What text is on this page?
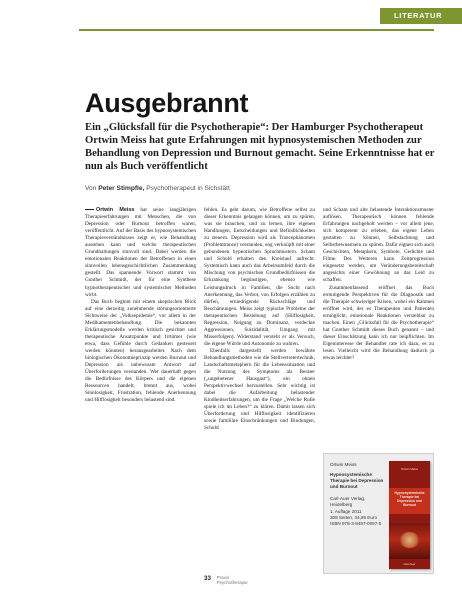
LITERATUR
Ausgebrannt

Ein „Glücksfall für die Psychotherapie“: Der Hamburger Psychotherapeut Ortwin Meiss hat gute Erfahrungen mit hypnosystemischen Methoden zur Behandlung von Depression und Burnout gemacht. Seine Erkenntnisse hat er nun als Buch veröffentlicht

Von Peter Stimpfle, Psychotherapeut in Sichstätt

Ortwin Meiss hat seine langjährigen Therapieerfahrungen mit Menschen, die von Depression oder Burnout betroffen waren, veröffentlicht. Auf der Basis des hypnosystemischen Therapieverständnisses zeigt er, wie Behandlung aussehen kann und welche therapeutischen Grundhaltungen sinnvoll sind. Dabei werden die emotionalen Reaktionen der Betroffenen in einen sinnvollen lebensgeschichtlichen Zusammenhang gestellt. Das spannende Vorwort stammt von Gunther Schmidt, der für eine Synthese hypnotherapeutischer und systemischer Methoden wirbt.

Das Buch beginnt mit einem skeptischen Blick auf eine derzeitig zunehmende störungsorientierte Sichtweise der „Volksepidemie“, vor allem in der Medikamentenbehandlung. Die bekannten Erklärungsmodelle werden kritisch gesichtet und therapeutische Ansatzpunkte und Irrtümer (wie etwa, dass Gefühle durch Gedanken gesteuert werden könnten) herausgearbeitet. Nach dem biologischen Ökonomieprinzip werden Burnout und Depression als unbewusste Antwort auf Überforderungen verstanden. Wer dauerhaft gegen die Bedürfnisse des Körpers und die eigenen Ressourcen handelt, brennt aus, wobei Sinnlosigkeit, Frustration, fehlende Anerkennung und Hilflosigkeit besonders belastend sind.

fehlen. Es geht darum, wie Betroffene selbst zu dieser Erkenntnis gelangen können, um zu spüren, was sie brauchen, und zu lernen, ihre eigenen Handlungen, Entscheidungen und Befindlichkeiten zu steuern. Depression wird als Trancephänomen (Problemtrance) verstanden, eng verknüpft mit einer gebundenen hypnotischen Sprachmustern. Scham und Schuld erhalten den Kreislauf aufrecht. Systemisch kann auch das Arbeitsumfeld durch die Mischung von psychischen Grundbedürfnissen die Erkrankung begünstigen, ebenso wie Leistungsdruck in Familien, die Sucht nach Anerkennung, das Verbot, von Erfolgen erzählen zu dürfen, erniedrigende Rückschläge und Beschämungen. Meiss zeigt typische Probleme der therapeutischen Beziehung auf (Hilflosigkeit, Regression, Neigung zu Dominanz, verdeckte Aggressionen, Suizidalität, Umgang mit Misserfolgen). Widerstand versteht er als Versuch, die eigene Würde und Autonomie zu wahren.

Ebenfalls dargestellt werden bewährte Behandlungsmethoden wie die Stellvertretertechnik, Landschaftsmetaphern für die Lebenssituation und die Nutzung des Symptoms als Berater („ungebetener Hausgast“), ein ohnen Perspektivwechsel herzustellen. Sehr wichtig ist dabei die Aufarbeitung belastender Kindheitserfahrungen, um die Frage „Welche Rolle spiele ich im Leben?“ zu klären. Damit lassen sich Überforderung und Hilflosigkeit identifizieren sowie familiäre Einschränkungen und Bindungen, Schuld

und Scham und alte belastende Interaktionsmuster auflösen. Therapeutisch können fehlende Erfahrungen nachgeholt werden – vor allem jene, sich kompetent zu erleben, das eigene Leben gestalten zu können, Selbstachtung und Selbstbewusstsein zu spüren. Dafür eignen sich auch Geschichten, Metaphern, Symbole, Gedichte und Filme. Des Weiteren kann Zeitprogression eingesetzt werden, um Veränderungsbereitschaft angesichts einer Gewöhnung an das Leid zu schaffen.

Zusammenfassend eröffnet das Buch ermutigende Perspektiven für die Diagnostik und die Therapie schwieriger Krisen, wobei ein Rahmen eröffnet wird, der es Therapeuten und Patienten ermöglicht, emotionale Reaktionen verstehbar zu machen. Einen „Glücksfall für die Psychotherapie“ hat Gunther Schmidt dieses Buch genannt – und dieser Einschätzung kann ich nur beipflichten. Im Eigeninteresse der Behandler rate ich dazu, es zu lesen. Vielleicht wird die Behandlung dadurch ja etwas leichter?

Ortwin Meiss
Hypnosystemische Therapie bei Depression und Burnout
Carl-Auer Verlag, Heidelberg
1. Auflage 2011
308 Seiten, 34,95 Euro
ISBN 978-3-8497-0097-5
Ortwin Meiss
Hypnosystemische Therapie bei Depression und Burnout
Carl-Auer
33 Praxis
Psychotherapie
